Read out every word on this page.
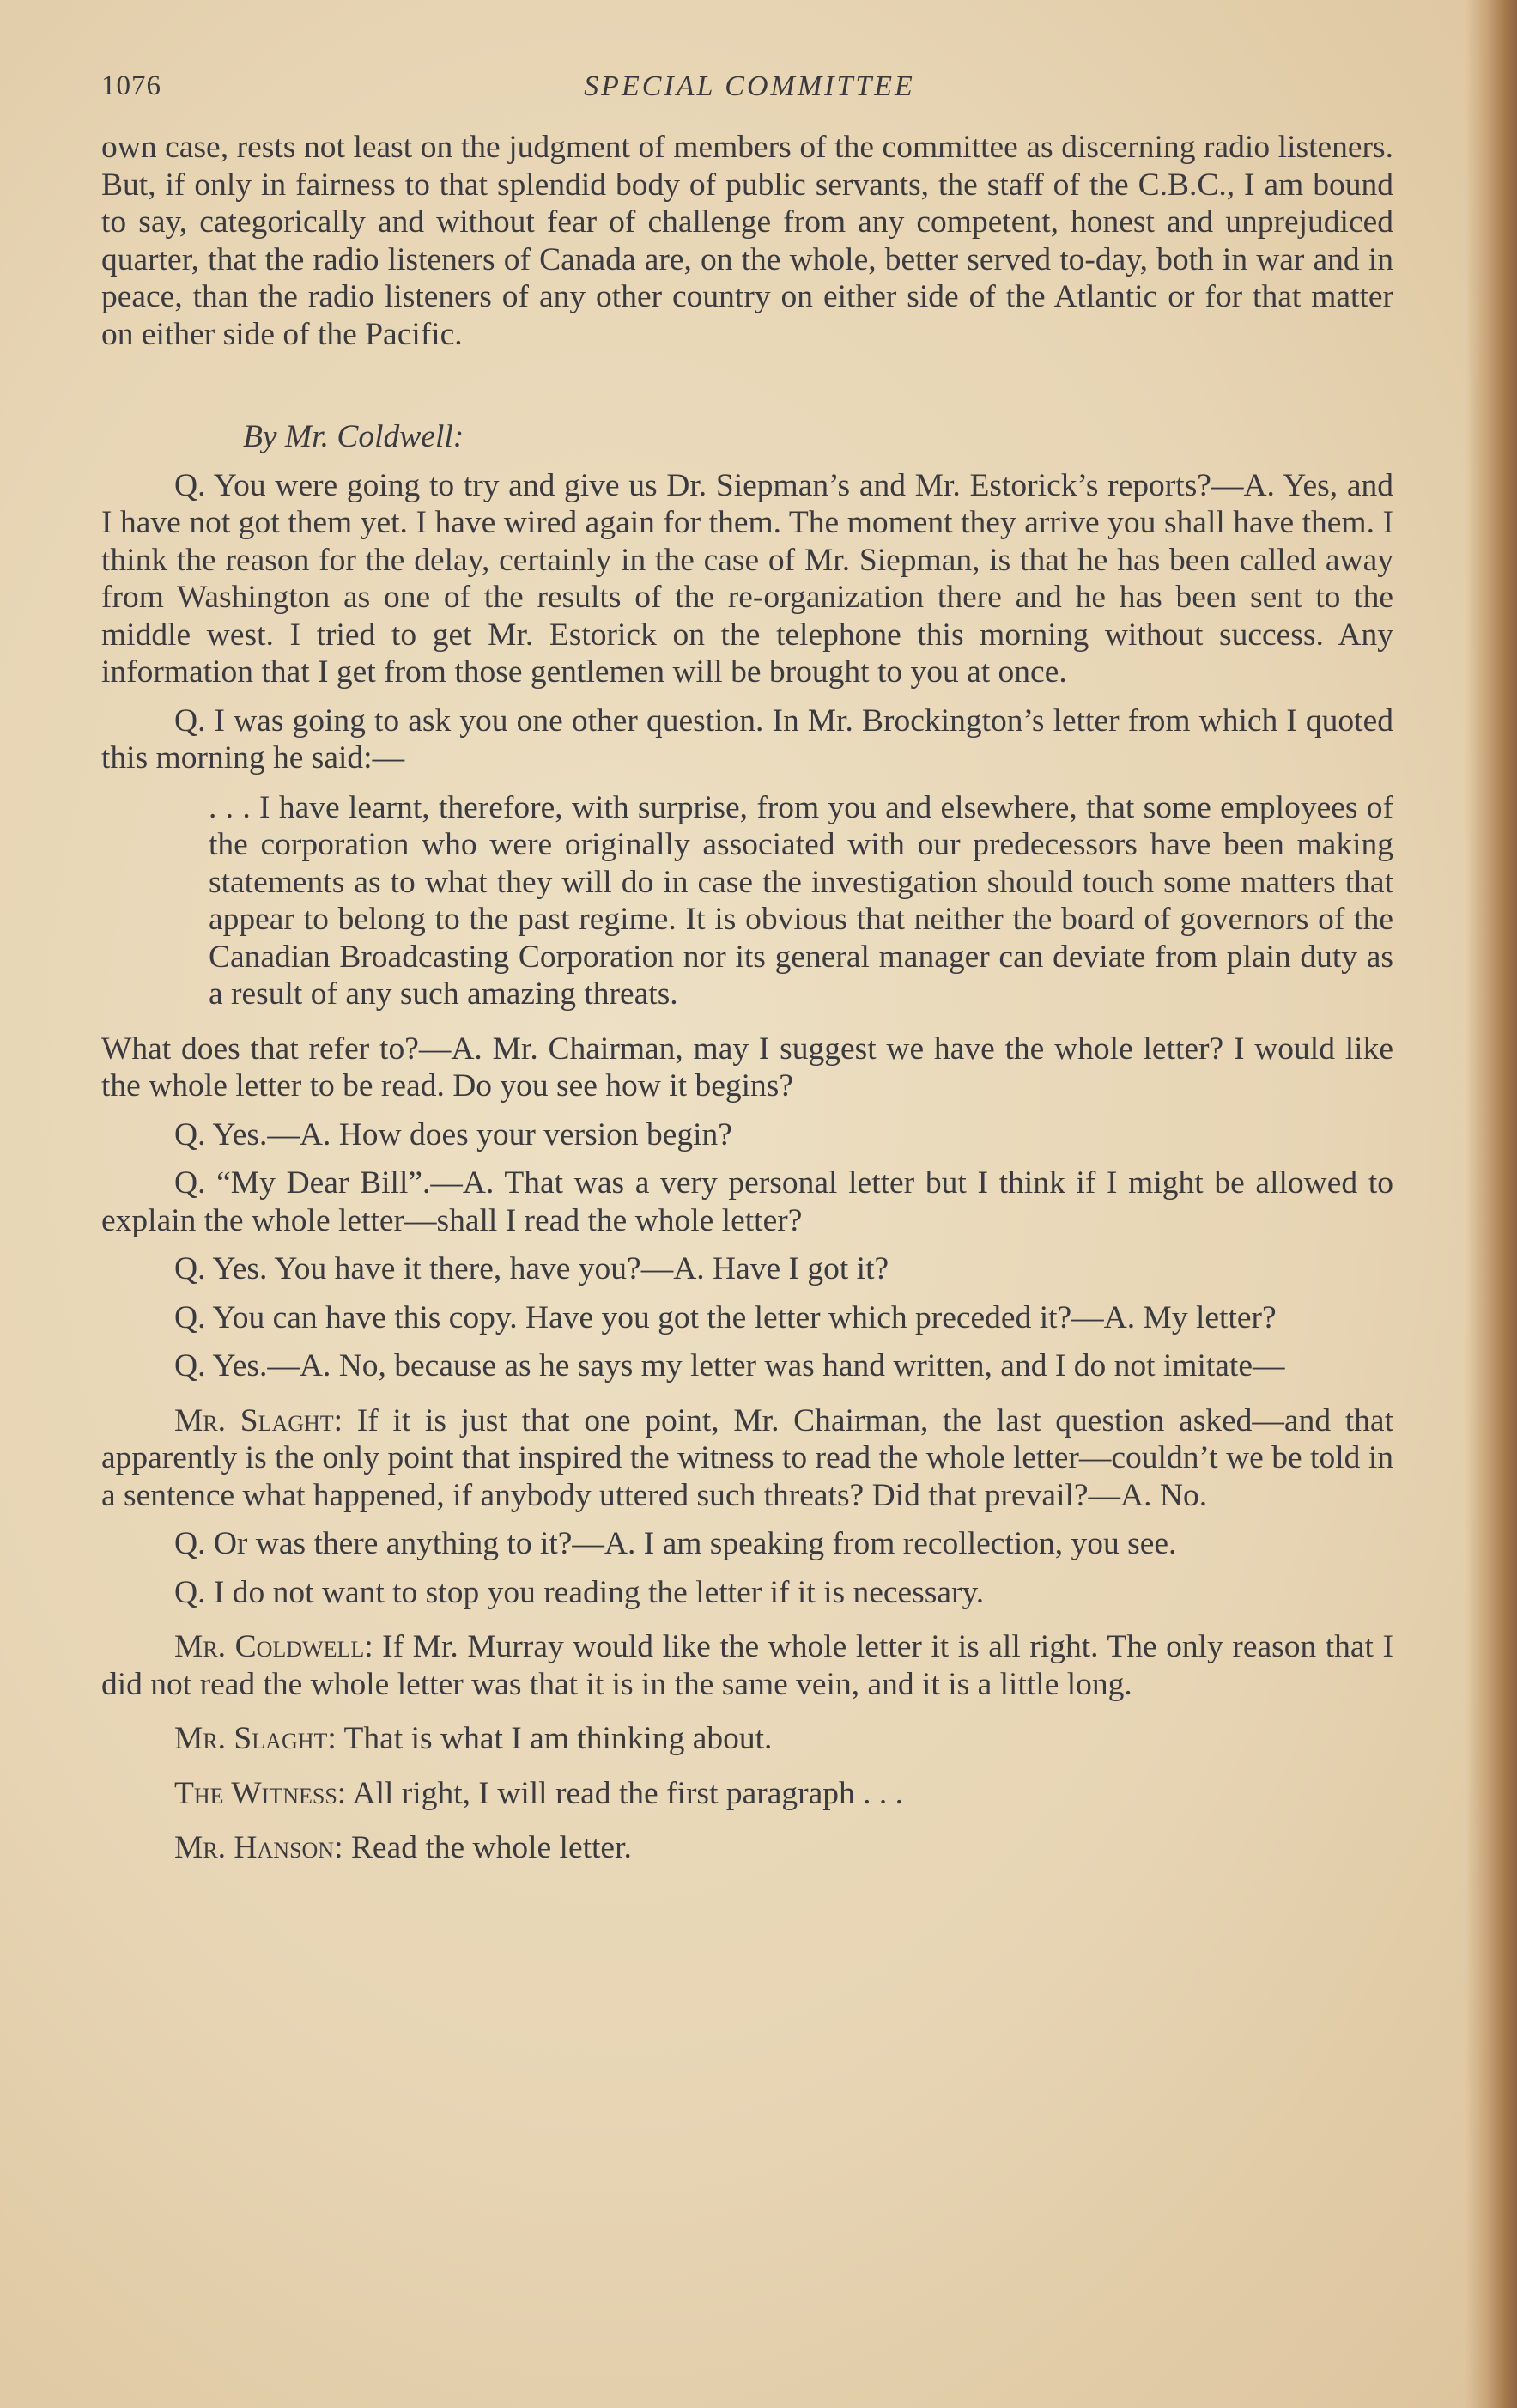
1076	SPECIAL COMMITTEE

own case, rests not least on the judgment of members of the committee as discerning radio listeners. But, if only in fairness to that splendid body of public servants, the staff of the C.B.C., I am bound to say, categorically and without fear of challenge from any competent, honest and unprejudiced quarter, that the radio listeners of Canada are, on the whole, better served to-day, both in war and in peace, than the radio listeners of any other country on either side of the Atlantic or for that matter on either side of the Pacific.

By Mr. Coldwell:

Q. You were going to try and give us Dr. Siepman’s and Mr. Estorick’s reports?—A. Yes, and I have not got them yet. I have wired again for them. The moment they arrive you shall have them. I think the reason for the delay, certainly in the case of Mr. Siepman, is that he has been called away from Washington as one of the results of the re-organization there and he has been sent to the middle west. I tried to get Mr. Estorick on the telephone this morning without success. Any information that I get from those gentlemen will be brought to you at once.

Q. I was going to ask you one other question. In Mr. Brockington’s letter from which I quoted this morning he said:—

. . . I have learnt, therefore, with surprise, from you and elsewhere, that some employees of the corporation who were originally associated with our predecessors have been making statements as to what they will do in case the investigation should touch some matters that appear to belong to the past regime. It is obvious that neither the board of governors of the Canadian Broadcasting Corporation nor its general manager can deviate from plain duty as a result of any such amazing threats.

What does that refer to?—A. Mr. Chairman, may I suggest we have the whole letter? I would like the whole letter to be read. Do you see how it begins?

Q. Yes.—A. How does your version begin?

Q. “My Dear Bill”.—A. That was a very personal letter but I think if I might be allowed to explain the whole letter—shall I read the whole letter?

Q. Yes. You have it there, have you?—A. Have I got it?

Q. You can have this copy. Have you got the letter which preceded it?—A. My letter?

Q. Yes.—A. No, because as he says my letter was hand written, and I do not imitate—

Mr. Slaght: If it is just that one point, Mr. Chairman, the last question asked—and that apparently is the only point that inspired the witness to read the whole letter—couldn’t we be told in a sentence what happened, if anybody uttered such threats? Did that prevail?—A. No.

Q. Or was there anything to it?—A. I am speaking from recollection, you see.

Q. I do not want to stop you reading the letter if it is necessary.

Mr. Coldwell: If Mr. Murray would like the whole letter it is all right. The only reason that I did not read the whole letter was that it is in the same vein, and it is a little long.

Mr. Slaght: That is what I am thinking about.

The Witness: All right, I will read the first paragraph . . .

Mr. Hanson: Read the whole letter.
